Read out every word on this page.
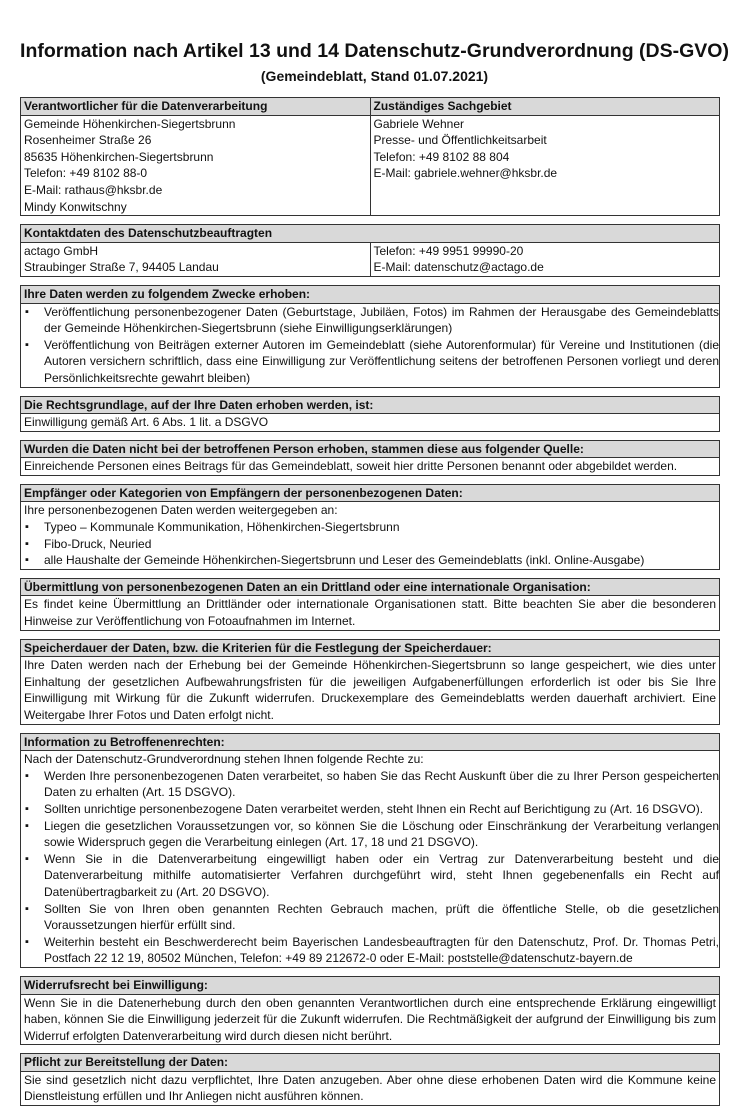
Information nach Artikel 13 und 14 Datenschutz-Grundverordnung (DS-GVO)

(Gemeindeblatt, Stand 01.07.2021)

Verantwortlicher für die Datenverarbeitung	Zuständiges Sachgebiet
Gemeinde Höhenkirchen-Siegertsbrunn
Rosenheimer Straße 26
85635 Höhenkirchen-Siegertsbrunn
Telefon: +49 8102 88-0
E-Mail: rathaus@hksbr.de
Mindy Konwitschny
Gabriele Wehner
Presse- und Öffentlichkeitsarbeit
Telefon: +49 8102 88 804
E-Mail: gabriele.wehner@hksbr.de
Kontaktdaten des Datenschutzbeauftragten
actago GmbH
Straubinger Straße 7, 94405 Landau
Telefon: +49 9951 99990-20
E-Mail: datenschutz@actago.de
Ihre Daten werden zu folgendem Zwecke erhoben:
▪ Veröffentlichung personenbezogener Daten (Geburtstage, Jubiläen, Fotos) im Rahmen der Herausgabe des Gemeindeblatts der Gemeinde Höhenkirchen-Siegertsbrunn (siehe Einwilligungserklärungen)
▪ Veröffentlichung von Beiträgen externer Autoren im Gemeindeblatt (siehe Autorenformular) für Vereine und Institutionen (die Autoren versichern schriftlich, dass eine Einwilligung zur Veröffentlichung seitens der betroffenen Personen vorliegt und deren Persönlichkeitsrechte gewahrt bleiben)
Die Rechtsgrundlage, auf der Ihre Daten erhoben werden, ist:
Einwilligung gemäß Art. 6 Abs. 1 lit. a DSGVO
Wurden die Daten nicht bei der betroffenen Person erhoben, stammen diese aus folgender Quelle:
Einreichende Personen eines Beitrags für das Gemeindeblatt, soweit hier dritte Personen benannt oder abgebildet werden.
Empfänger oder Kategorien von Empfängern der personenbezogenen Daten:
Ihre personenbezogenen Daten werden weitergegeben an:
▪ Typeo – Kommunale Kommunikation, Höhenkirchen-Siegertsbrunn
▪ Fibo-Druck, Neuried
▪ alle Haushalte der Gemeinde Höhenkirchen-Siegertsbrunn und Leser des Gemeindeblatts (inkl. Online-Ausgabe)
Übermittlung von personenbezogenen Daten an ein Drittland oder eine internationale Organisation:
Es findet keine Übermittlung an Drittländer oder internationale Organisationen statt. Bitte beachten Sie aber die besonderen Hinweise zur Veröffentlichung von Fotoaufnahmen im Internet.
Speicherdauer der Daten, bzw. die Kriterien für die Festlegung der Speicherdauer:
Ihre Daten werden nach der Erhebung bei der Gemeinde Höhenkirchen-Siegertsbrunn so lange gespeichert, wie dies unter Einhaltung der gesetzlichen Aufbewahrungsfristen für die jeweiligen Aufgabenerfüllungen erforderlich ist oder bis Sie Ihre Einwilligung mit Wirkung für die Zukunft widerrufen. Druckexemplare des Gemeindeblatts werden dauerhaft archiviert. Eine Weitergabe Ihrer Fotos und Daten erfolgt nicht.
Information zu Betroffenenrechten:
Nach der Datenschutz-Grundverordnung stehen Ihnen folgende Rechte zu:
▪ Werden Ihre personenbezogenen Daten verarbeitet, so haben Sie das Recht Auskunft über die zu Ihrer Person gespeicherten Daten zu erhalten (Art. 15 DSGVO).
▪ Sollten unrichtige personenbezogene Daten verarbeitet werden, steht Ihnen ein Recht auf Berichtigung zu (Art. 16 DSGVO).
▪ Liegen die gesetzlichen Voraussetzungen vor, so können Sie die Löschung oder Einschränkung der Verarbeitung verlangen sowie Widerspruch gegen die Verarbeitung einlegen (Art. 17, 18 und 21 DSGVO).
▪ Wenn Sie in die Datenverarbeitung eingewilligt haben oder ein Vertrag zur Datenverarbeitung besteht und die Datenverarbeitung mithilfe automatisierter Verfahren durchgeführt wird, steht Ihnen gegebenenfalls ein Recht auf Datenübertragbarkeit zu (Art. 20 DSGVO).
▪ Sollten Sie von Ihren oben genannten Rechten Gebrauch machen, prüft die öffentliche Stelle, ob die gesetzlichen Voraussetzungen hierfür erfüllt sind.
▪ Weiterhin besteht ein Beschwerderecht beim Bayerischen Landesbeauftragten für den Datenschutz, Prof. Dr. Thomas Petri, Postfach 22 12 19, 80502 München, Telefon: +49 89 212672-0 oder E-Mail: poststelle@datenschutz-bayern.de
Widerrufsrecht bei Einwilligung:
Wenn Sie in die Datenerhebung durch den oben genannten Verantwortlichen durch eine entsprechende Erklärung eingewilligt haben, können Sie die Einwilligung jederzeit für die Zukunft widerrufen. Die Rechtmäßigkeit der aufgrund der Einwilligung bis zum Widerruf erfolgten Datenverarbeitung wird durch diesen nicht berührt.
Pflicht zur Bereitstellung der Daten:
Sie sind gesetzlich nicht dazu verpflichtet, Ihre Daten anzugeben. Aber ohne diese erhobenen Daten wird die Kommune keine Dienstleistung erfüllen und Ihr Anliegen nicht ausführen können.
